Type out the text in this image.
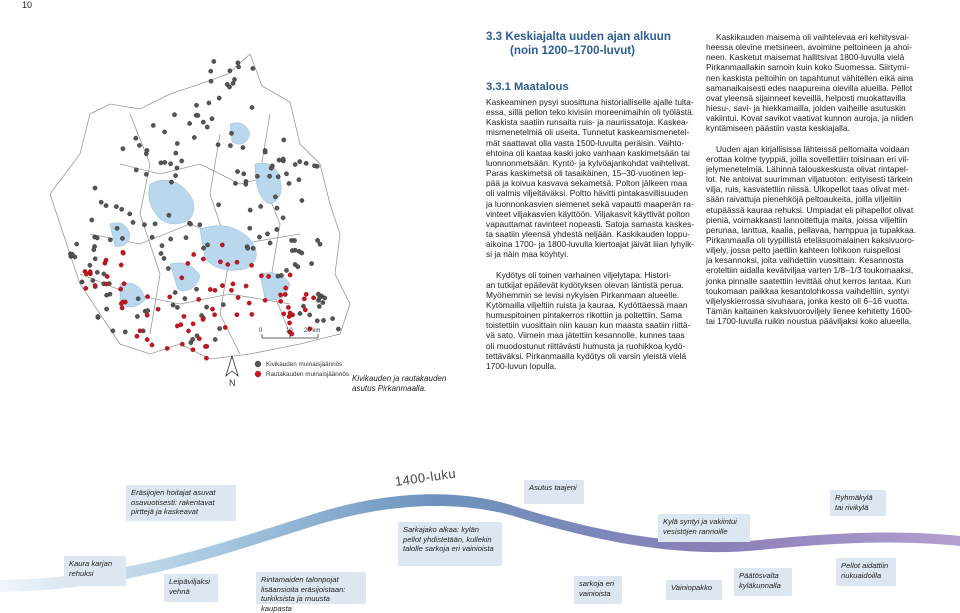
10
0	10 20 km
N
Kivikauden muinaisjäännös
Rautakauden muinaisjäännös Kivikauden ja rautakauden asutus Pirkanmaalla.
3.3 Keskiajalta uuden ajan alkuun
(noin 1200–1700-luvut)
3.3.1 Maatalous
Kaskeaminen pysyi suosittuna historialliselle ajalle tulta-
essa, sillä pellon teko kivisiin moreenimaihin oli työlästä.
Kaskista saatiin runsaita ruis- ja nauriissatoja. Kaskea-
mismenetelmiä oli useita. Tunnetut kaskeamismenetel-
mät saattavat olla vasta 1500-luvulta peräisin. Vaihto-
ehtoina oli kaataa kaski joko vanhaan kaskimetsään tai
luonnonmetsään. Kyntö- ja kylvöajankohdat vaihtelivat.
Paras kaskimetsä oli tasaikäinen, 15–30-vuotinen lep-
pää ja koivua kasvava sekametsä. Polton jälkeen maa
oli valmis viljeltäväksi. Poltto hävitti pintakasvillisuuden
ja luonnonkasvien siemenet sekä vapautti maaperän ra-
vinteet viljakasvien käyttöön. Viljakasvit käyttivät polton
vapauttamat ravinteet nopeasti. Satoja samasta kaskes-
ta saatiin yleensä yhdestä neljään. Kaskikauden loppu-
aikoina 1700- ja 1800-luvulla kiertoajat jäivät liian lyhyik-
si ja näin maa köyhtyi.
Kydötys oli toinen varhainen viljelytapa. Histori-
an tutkijat epäilevät kydötyksen olevan läntistä perua.
Myöhemmin se levisi nykyisen Pirkanmaan alueelle.
Kytömailla viljeltiin ruista ja kauraa. Kydöttäessä maan
humuspitoinen pintakerros rikottiin ja poltettiin. Sama
toistettiin vuosittain niin kauan kun maasta saatiin riittä-
vä sato. Viimein maa jätettiin kesannolle, kunnes taas
oli muodostunut riittävästi humusta ja ruohikkoa kydö-
tettäväksi. Pirkanmaalla kydötys oli varsin yleistä vielä
1700-luvun lopulla.
Kaskikauden maisema oli vaihtelevaa eri kehitysvai-
heessa olevine metsineen, avoimine peltoineen ja ahoi-
neen. Kasketut maisemat hallitsivat 1800-luvulla vielä
Pirkanmaallakin samoin kuin koko Suomessa. Siirtymi-
nen kaskista peltoihin on tapahtunut vähitellen eikä aina
samanaikaisesti edes naapureina olevilla alueilla. Pellot
ovat yleensä sijainneet keveillä, helposti muokattavilla
hiesu-, savi- ja hiekkamailla, joiden vaiheille asutuskin
vakiintui. Kovat savikot vaativat kunnon auroja, ja niiden
kyntämiseen päästiin vasta keskiajalla.
Uuden ajan kirjallisissa lähteissä peltomaita voidaan
erottaa kolme tyyppiä, joilla sovellettiin toisinaan eri vil-
jelymenetelmiä. Lähinnä talouskeskusta olivat rintapel-
lot. Ne antoivat suurimman viljatuoton: erityisesti tärkein
vilja, ruis, kasvatettiin niissä. Ulkopellot taas olivat met-
sään raivattuja pienehköjä peltoaukeita, joilla viljeltiin
etupäässä kauraa rehuksi. Umpiadat eli pihapellot olivat
pieniä, voimakkaasti lannoitettuja maita, joissa viljeltiin
perunaa, lanttua, kaalia, pellavaa, hamppua ja tupakkaa.
Pirkanmaalla oli tyypillistä eteläsuomalainen kaksivuoro-
viljely, jossa pelto jaettiin kahteen lohkoon ruispellosi
ja kesannoksi, joita vaihdettiin vuosittain. Kesannosta
eroteltiin aidalla kevätviljaa varten 1/8–1/3 toukomaaksi,
jonka pinnalle saatettiin levittää ohut kerros lantaa. Kun
toukomaan paikkaa kesantolohkossa vaihdeltiin, syntyi
viljelyskierrossa sivuhaara, jonka kesto oli 6–16 vuotta.
Tämän kaltainen kaksivuoroviljely lienee kehitetty 1600-
tai 1700-luvulla ruikin noustua pääviljaksi koko alueella.
1400-luku
Kaura karjan rehuksi
Eräsijojen hoitajat asuvat osavuotisesti: rakentavat pirttejä ja kaskeavat
Leipäviljaksi vehnä
Rintamaiden talonpojat lisäansioita eräsijoistaan: turkiksista ja muusta kaupasta
Sarkajako alkaa: kylän pellot yhdistetään, kullekin talolle sarkoja eri vainioista
Asutus taajeni
sarkoja eri vainioista
Kylä syntyi ja vakiintui vesistöjen rannoille
Vainiopakko
Päätösvalta kyläkunnalla
Ryhmäkylä tai rivikylä
Pellot aidattiin riukuaidoilla
